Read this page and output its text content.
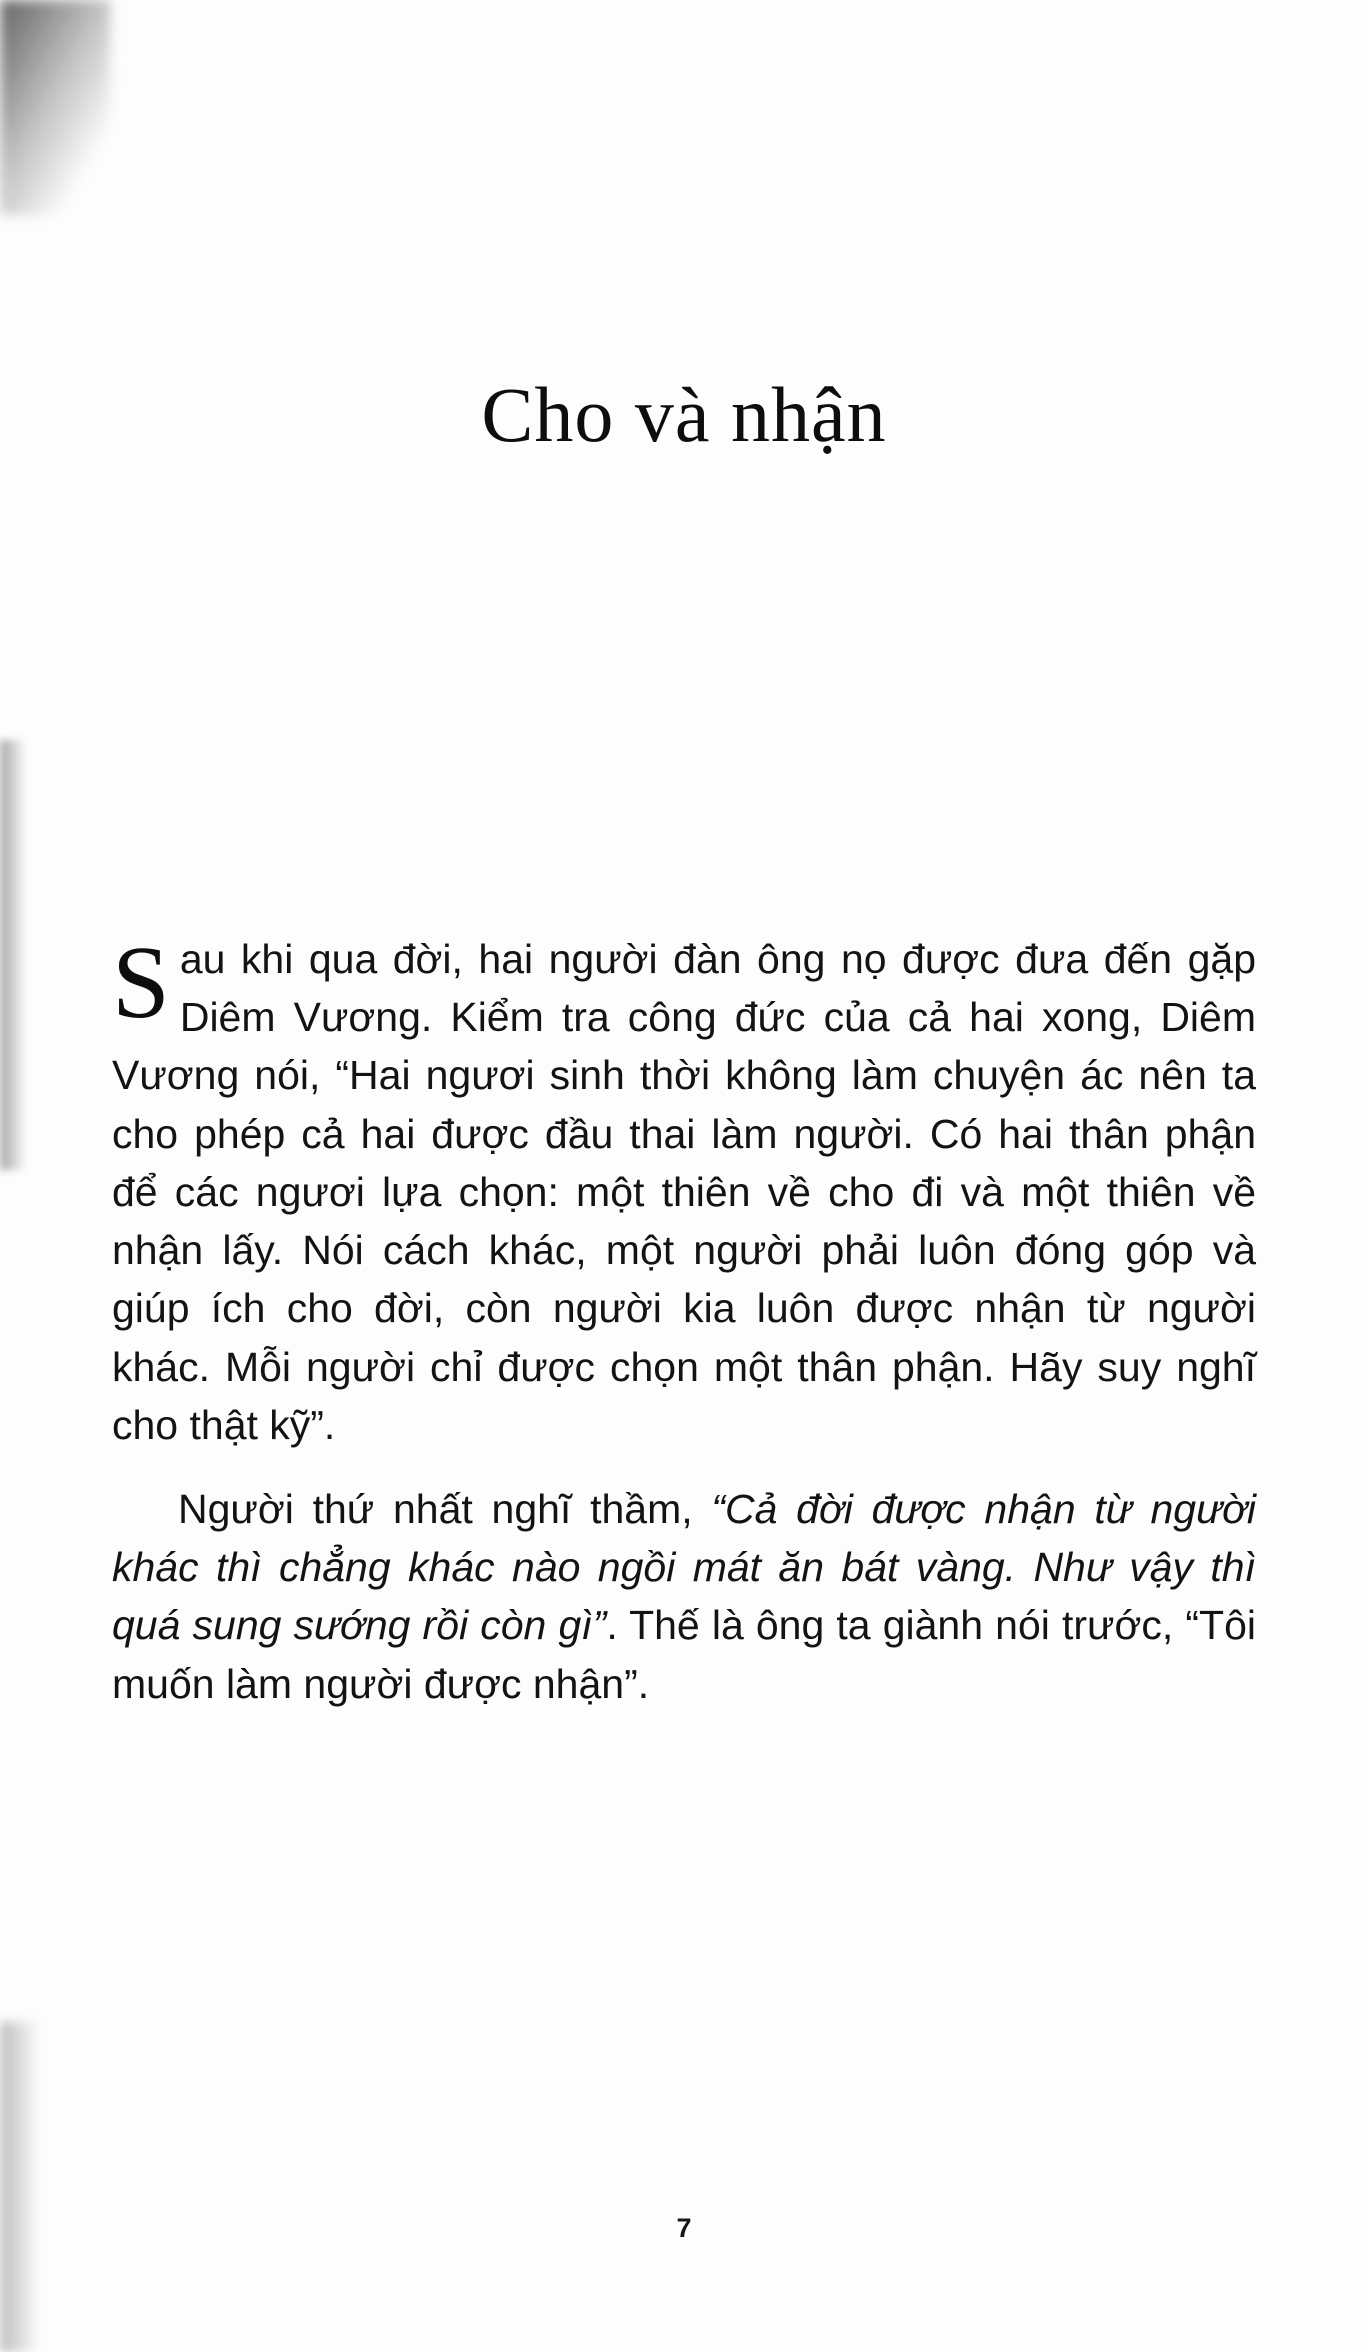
Cho và nhận

Sau khi qua đời, hai người đàn ông nọ được đưa đến gặp Diêm Vương. Kiểm tra công đức của cả hai xong, Diêm Vương nói, “Hai ngươi sinh thời không làm chuyện ác nên ta cho phép cả hai được đầu thai làm người. Có hai thân phận để các ngươi lựa chọn: một thiên về cho đi và một thiên về nhận lấy. Nói cách khác, một người phải luôn đóng góp và giúp ích cho đời, còn người kia luôn được nhận từ người khác. Mỗi người chỉ được chọn một thân phận. Hãy suy nghĩ cho thật kỹ”.

Người thứ nhất nghĩ thầm, “Cả đời được nhận từ người khác thì chẳng khác nào ngồi mát ăn bát vàng. Như vậy thì quá sung sướng rồi còn gì”. Thế là ông ta giành nói trước, “Tôi muốn làm người được nhận”.

7
